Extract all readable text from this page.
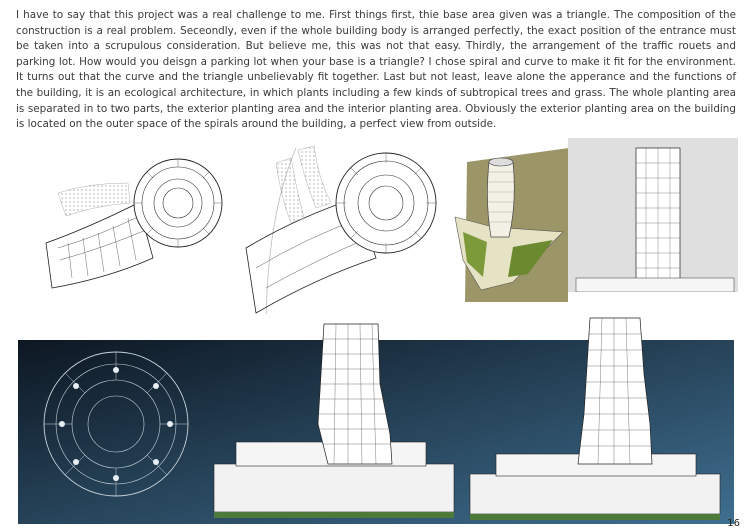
I have to say that this project was a real challenge to me. First things first, thie base area given was a triangle. The composition of the construction is a real problem. Seceondly, even if the whole building body is arranged perfectly, the exact position of the entrance must be taken into a scrupulous consideration. But believe me, this was not that easy. Thirdly, the arrangement of the traffic rouets and parking lot. How would you deisgn a parking lot when your base is a triangle? I chose spiral and curve to make it fit for the environment. It turns out that the curve and the triangle unbelievably fit together. Last but not least, leave alone the apperance and the functions of the building, it is an ecological architecture, in which plants including a few kinds of subtropical trees and grass. The whole planting area is separated in to two parts, the exterior planting area and the interior planting area. Obviously the exterior planting area on the building is located on the outer space of the spirals around the building, a perfect view from outside.

16
